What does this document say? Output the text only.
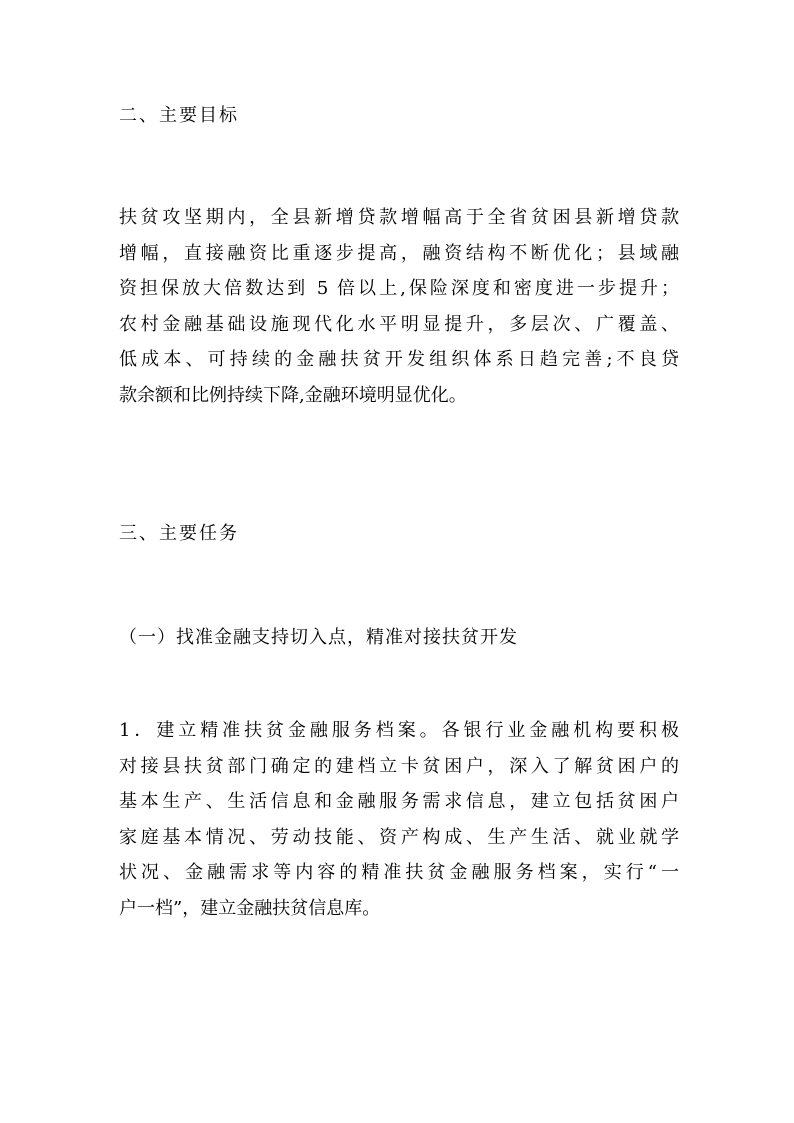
二、主要目标
扶贫攻坚期内，全县新增贷款增幅高于全省贫困县新增贷款
增幅，直接融资比重逐步提高，融资结构不断优化；县域融
资担保放大倍数达到 5 倍以上,保险深度和密度进一步提升；
农村金融基础设施现代化水平明显提升，多层次、广覆盖、
低成本、可持续的金融扶贫开发组织体系日趋完善;不良贷
款余额和比例持续下降,金融环境明显优化。
三、主要任务
（一）找准金融支持切入点，精准对接扶贫开发
1．建立精准扶贫金融服务档案。各银行业金融机构要积极
对接县扶贫部门确定的建档立卡贫困户，深入了解贫困户的
基本生产、生活信息和金融服务需求信息，建立包括贫困户
家庭基本情况、劳动技能、资产构成、生产生活、就业就学
状况、金融需求等内容的精准扶贫金融服务档案，实行“一
户一档”，建立金融扶贫信息库。
